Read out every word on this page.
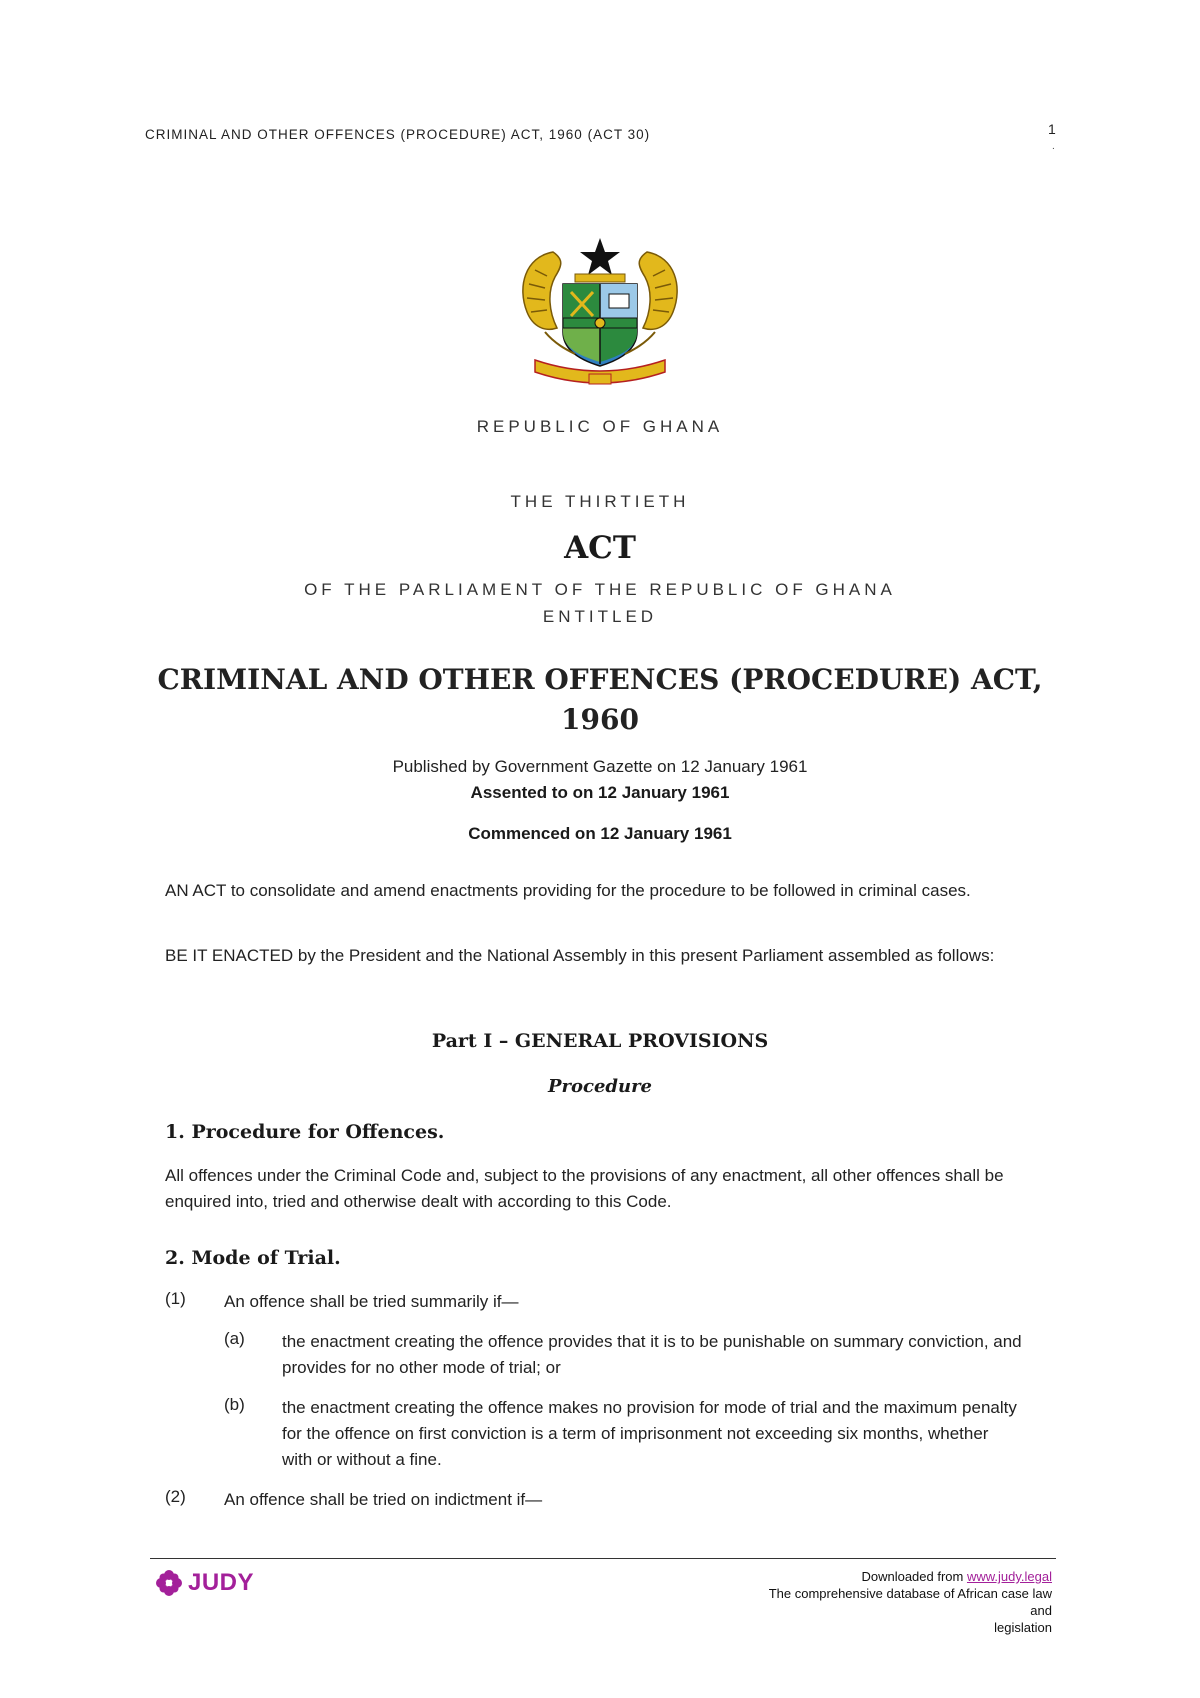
CRIMINAL AND OTHER OFFENCES (PROCEDURE) ACT, 1960 (ACT 30)	1
.
REPUBLIC OF GHANA
THE THIRTIETH
ACT
OF THE PARLIAMENT OF THE REPUBLIC OF GHANA
ENTITLED
CRIMINAL AND OTHER OFFENCES (PROCEDURE) ACT,
1960
Published by Government Gazette on 12 January 1961
Assented to on 12 January 1961
Commenced on 12 January 1961
AN ACT to consolidate and amend enactments providing for the procedure to be followed in criminal cases.
BE IT ENACTED by the President and the National Assembly in this present Parliament assembled as follows:
Part I – GENERAL PROVISIONS
Procedure
1. Procedure for Offences.
All offences under the Criminal Code and, subject to the provisions of any enactment, all other offences shall be enquired into, tried and otherwise dealt with according to this Code.
2. Mode of Trial.
(1) An offence shall be tried summarily if—
(a) the enactment creating the offence provides that it is to be punishable on summary conviction, and provides for no other mode of trial; or
(b) the enactment creating the offence makes no provision for mode of trial and the maximum penalty for the offence on first conviction is a term of imprisonment not exceeding six months, whether with or without a fine.
(2) An offence shall be tried on indictment if—
JUDY	Downloaded from www.judy.legal
The comprehensive database of African case law and
legislation
